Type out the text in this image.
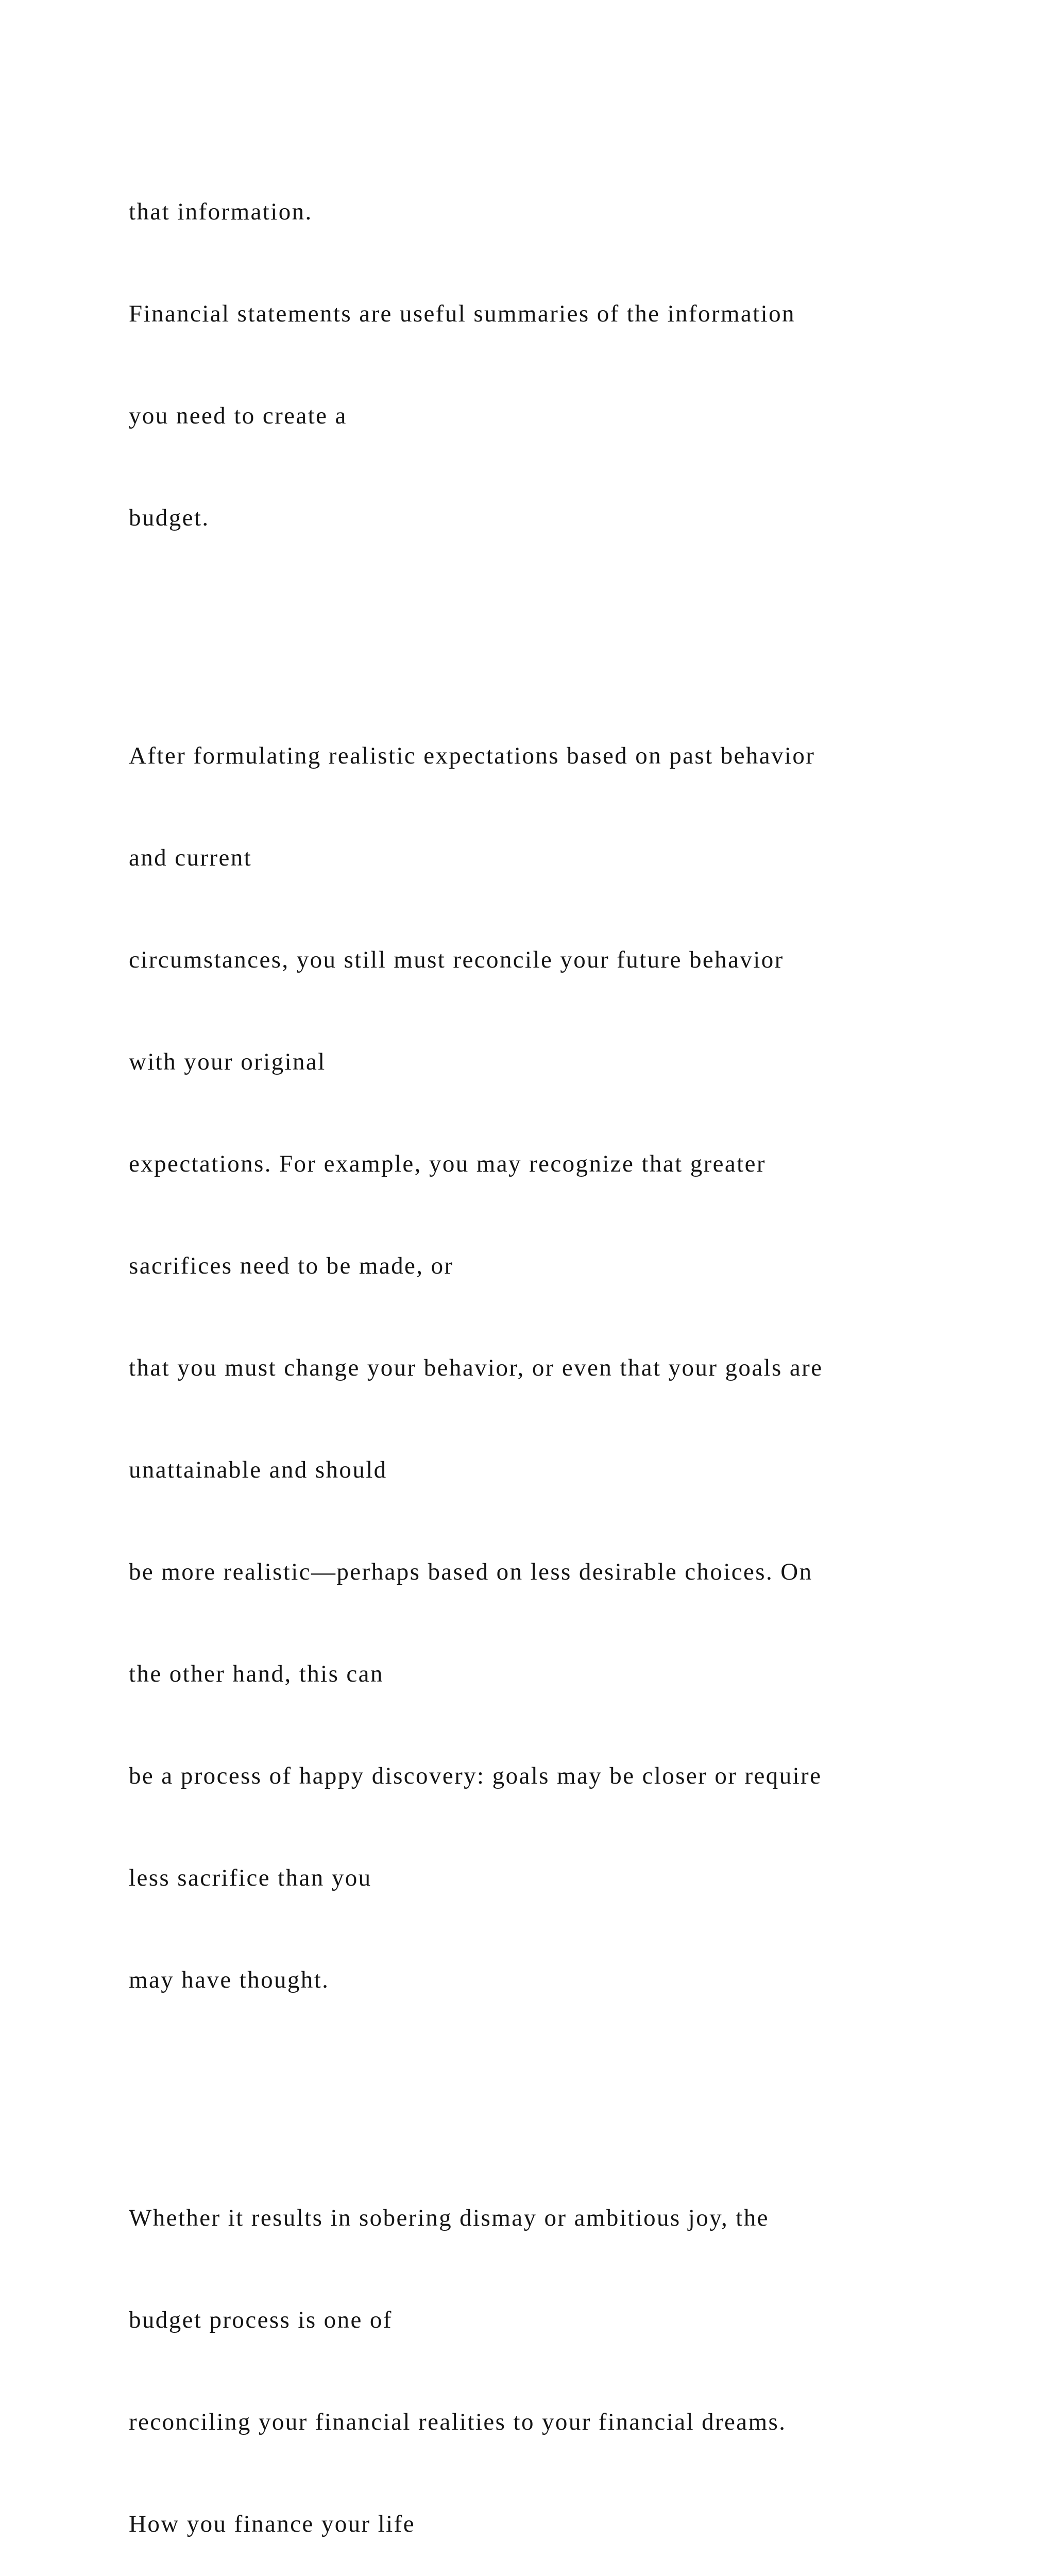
that information.

Financial statements are useful summaries of the information

you need to create a

budget.

After formulating realistic expectations based on past behavior

and current

circumstances, you still must reconcile your future behavior

with your original

expectations. For example, you may recognize that greater

sacrifices need to be made, or

that you must change your behavior, or even that your goals are

unattainable and should

be more realistic—perhaps based on less desirable choices. On

the other hand, this can

be a process of happy discovery: goals may be closer or require

less sacrifice than you

may have thought.

Whether it results in sobering dismay or ambitious joy, the

budget process is one of

reconciling your financial realities to your financial dreams.

How you finance your life
